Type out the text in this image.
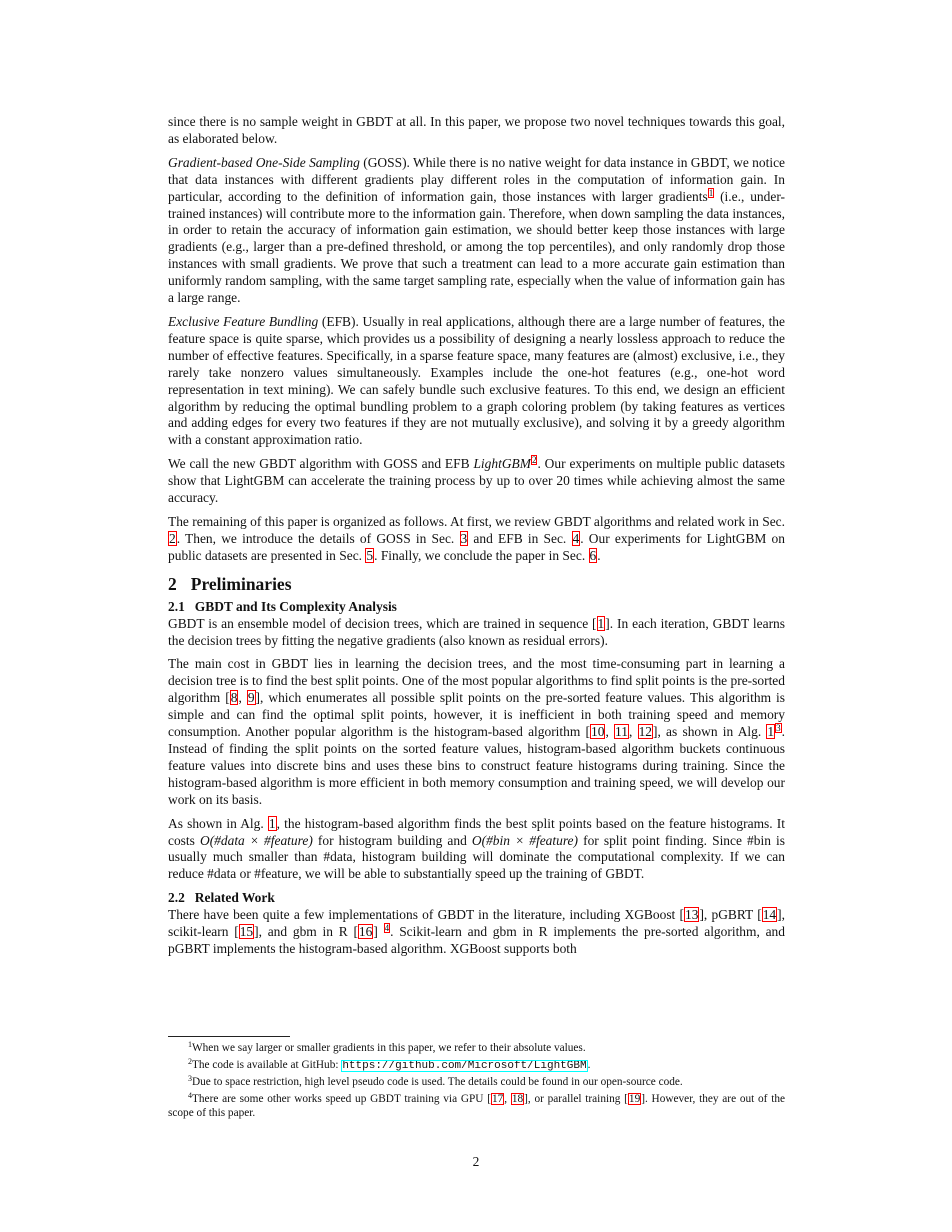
since there is no sample weight in GBDT at all. In this paper, we propose two novel techniques towards this goal, as elaborated below.

Gradient-based One-Side Sampling (GOSS). While there is no native weight for data instance in GBDT, we notice that data instances with different gradients play different roles in the computation of information gain. In particular, according to the definition of information gain, those instances with larger gradients$^1$ (i.e., under-trained instances) will contribute more to the information gain. Therefore, when down sampling the data instances, in order to retain the accuracy of information gain estimation, we should better keep those instances with large gradients (e.g., larger than a pre-defined threshold, or among the top percentiles), and only randomly drop those instances with small gradients. We prove that such a treatment can lead to a more accurate gain estimation than uniformly random sampling, with the same target sampling rate, especially when the value of information gain has a large range.

Exclusive Feature Bundling (EFB). Usually in real applications, although there are a large number of features, the feature space is quite sparse, which provides us a possibility of designing a nearly lossless approach to reduce the number of effective features. Specifically, in a sparse feature space, many features are (almost) exclusive, i.e., they rarely take nonzero values simultaneously. Examples include the one-hot features (e.g., one-hot word representation in text mining). We can safely bundle such exclusive features. To this end, we design an efficient algorithm by reducing the optimal bundling problem to a graph coloring problem (by taking features as vertices and adding edges for every two features if they are not mutually exclusive), and solving it by a greedy algorithm with a constant approximation ratio.

We call the new GBDT algorithm with GOSS and EFB LightGBM$^2$. Our experiments on multiple public datasets show that LightGBM can accelerate the training process by up to over 20 times while achieving almost the same accuracy.

The remaining of this paper is organized as follows. At first, we review GBDT algorithms and related work in Sec. 2. Then, we introduce the details of GOSS in Sec. 3 and EFB in Sec. 4. Our experiments for LightGBM on public datasets are presented in Sec. 5. Finally, we conclude the paper in Sec. 6.

2 Preliminaries
2.1 GBDT and Its Complexity Analysis

GBDT is an ensemble model of decision trees, which are trained in sequence [1]. In each iteration, GBDT learns the decision trees by fitting the negative gradients (also known as residual errors).

The main cost in GBDT lies in learning the decision trees, and the most time-consuming part in learning a decision tree is to find the best split points. One of the most popular algorithms to find split points is the pre-sorted algorithm [8, 9], which enumerates all possible split points on the pre-sorted feature values. This algorithm is simple and can find the optimal split points, however, it is inefficient in both training speed and memory consumption. Another popular algorithm is the histogram-based algorithm [10, 11, 12], as shown in Alg. 1 $^3$. Instead of finding the split points on the sorted feature values, histogram-based algorithm buckets continuous feature values into discrete bins and uses these bins to construct feature histograms during training. Since the histogram-based algorithm is more efficient in both memory consumption and training speed, we will develop our work on its basis.

As shown in Alg. 1, the histogram-based algorithm finds the best split points based on the feature histograms. It costs O(#data × #feature) for histogram building and O(#bin × #feature) for split point finding. Since #bin is usually much smaller than #data, histogram building will dominate the computational complexity. If we can reduce #data or #feature, we will be able to substantially speed up the training of GBDT.

2.2 Related Work

There have been quite a few implementations of GBDT in the literature, including XGBoost [13], pGBRT [14], scikit-learn [15], and gbm in R [16] $^4$. Scikit-learn and gbm in R implements the pre-sorted algorithm, and pGBRT implements the histogram-based algorithm. XGBoost supports both

$^1$When we say larger or smaller gradients in this paper, we refer to their absolute values.

$^2$The code is available at GitHub: https://github.com/Microsoft/LightGBM.

$^3$Due to space restriction, high level pseudo code is used. The details could be found in our open-source code.

$^4$There are some other works speed up GBDT training via GPU [17, 18], or parallel training [19]. However, they are out of the scope of this paper.

2
